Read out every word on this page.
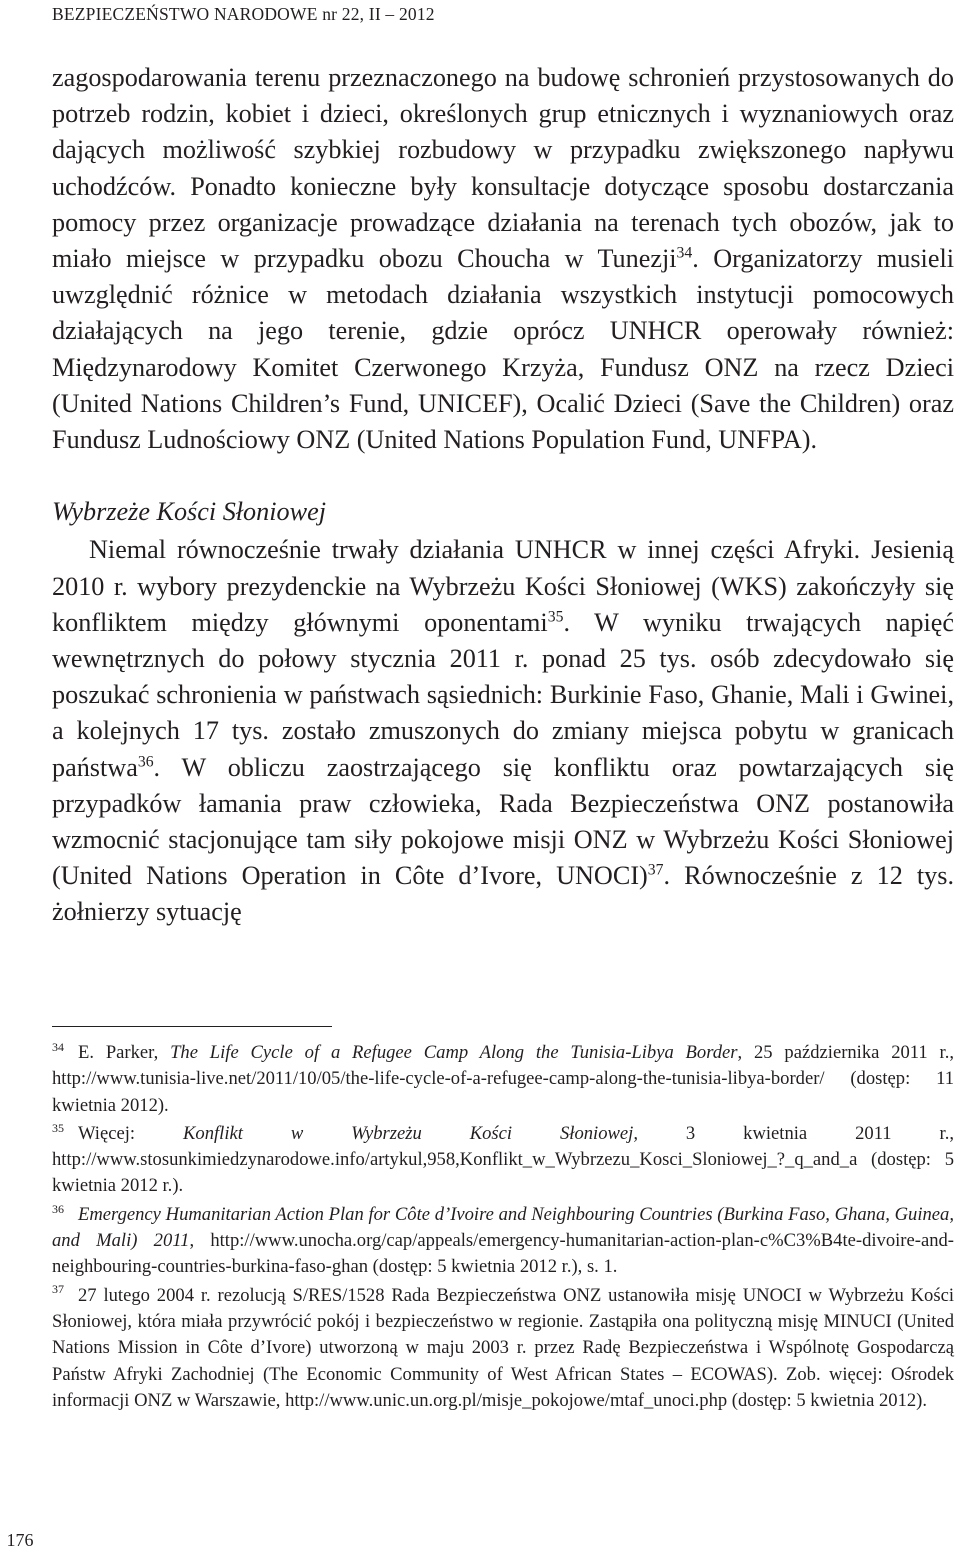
BEZPIECZEŃSTWO NARODOWE nr 22, II – 2012

zagospodarowania terenu przeznaczonego na budowę schronień przystosowanych do potrzeb rodzin, kobiet i dzieci, określonych grup etnicznych i wyznaniowych oraz dających możliwość szybkiej rozbudowy w przypadku zwiększonego napływu uchodźców. Ponadto konieczne były konsultacje dotyczące sposobu dostarczania pomocy przez organizacje prowadzące działania na terenach tych obozów, jak to miało miejsce w przypadku obozu Choucha w Tunezji$^{34}$. Organizatorzy musieli uwzględnić różnice w metodach działania wszystkich instytucji pomocowych działających na jego terenie, gdzie oprócz UNHCR operowały również: Międzynarodowy Komitet Czerwonego Krzyża, Fundusz ONZ na rzecz Dzieci (United Nations Children’s Fund, UNICEF), Ocalić Dzieci (Save the Children) oraz Fundusz Ludnościowy ONZ (United Nations Population Fund, UNFPA).

Wybrzeże Kości Słoniowej

Niemal równocześnie trwały działania UNHCR w innej części Afryki. Jesienią 2010 r. wybory prezydenckie na Wybrzeżu Kości Słoniowej (WKS) zakończyły się konfliktem między głównymi oponentami$^{35}$. W wyniku trwających napięć wewnętrznych do połowy stycznia 2011 r. ponad 25 tys. osób zdecydowało się poszukać schronienia w państwach sąsiednich: Burkinie Faso, Ghanie, Mali i Gwinei, a kolejnych 17 tys. zostało zmuszonych do zmiany miejsca pobytu w granicach państwa$^{36}$. W obliczu zaostrzającego się konfliktu oraz powtarzających się przypadków łamania praw człowieka, Rada Bezpieczeństwa ONZ postanowiła wzmocnić stacjonujące tam siły pokojowe misji ONZ w Wybrzeżu Kości Słoniowej (United Nations Operation in Côte d’Ivore, UNOCI)$^{37}$. Równocześnie z 12 tys. żołnierzy sytuację

$^{34}$ E. Parker, The Life Cycle of a Refugee Camp Along the Tunisia-Libya Border, 25 października 2011 r., http://www.tunisia-live.net/2011/10/05/the-life-cycle-of-a-refugee-camp-along-the-tunisia-libya-border/ (dostęp: 11 kwietnia 2012).

$^{35}$ Więcej: Konflikt w Wybrzeżu Kości Słoniowej, 3 kwietnia 2011 r., http://www.stosunkimiedzynarodowe.info/artykul,958,Konflikt_w_Wybrzezu_Kosci_Sloniowej_?_q_and_a (dostęp: 5 kwietnia 2012 r.).

$^{36}$ Emergency Humanitarian Action Plan for Côte d’Ivoire and Neighbouring Countries (Burkina Faso, Ghana, Guinea, and Mali) 2011, http://www.unocha.org/cap/appeals/emergency-humanitarian-action-plan-c%C3%B4te-divoire-and-neighbouring-countries-burkina-faso-ghan (dostęp: 5 kwietnia 2012 r.), s. 1.

$^{37}$ 27 lutego 2004 r. rezolucją S/RES/1528 Rada Bezpieczeństwa ONZ ustanowiła misję UNOCI w Wybrzeżu Kości Słoniowej, która miała przywrócić pokój i bezpieczeństwo w regionie. Zastąpiła ona polityczną misję MINUCI (United Nations Mission in Côte d’Ivore) utworzoną w maju 2003 r. przez Radę Bezpieczeństwa i Wspólnotę Gospodarczą Państw Afryki Zachodniej (The Economic Community of West African States – ECOWAS). Zob. więcej: Ośrodek informacji ONZ w Warszawie, http://www.unic.un.org.pl/misje_pokojowe/mtaf_unoci.php (dostęp: 5 kwietnia 2012).

176
